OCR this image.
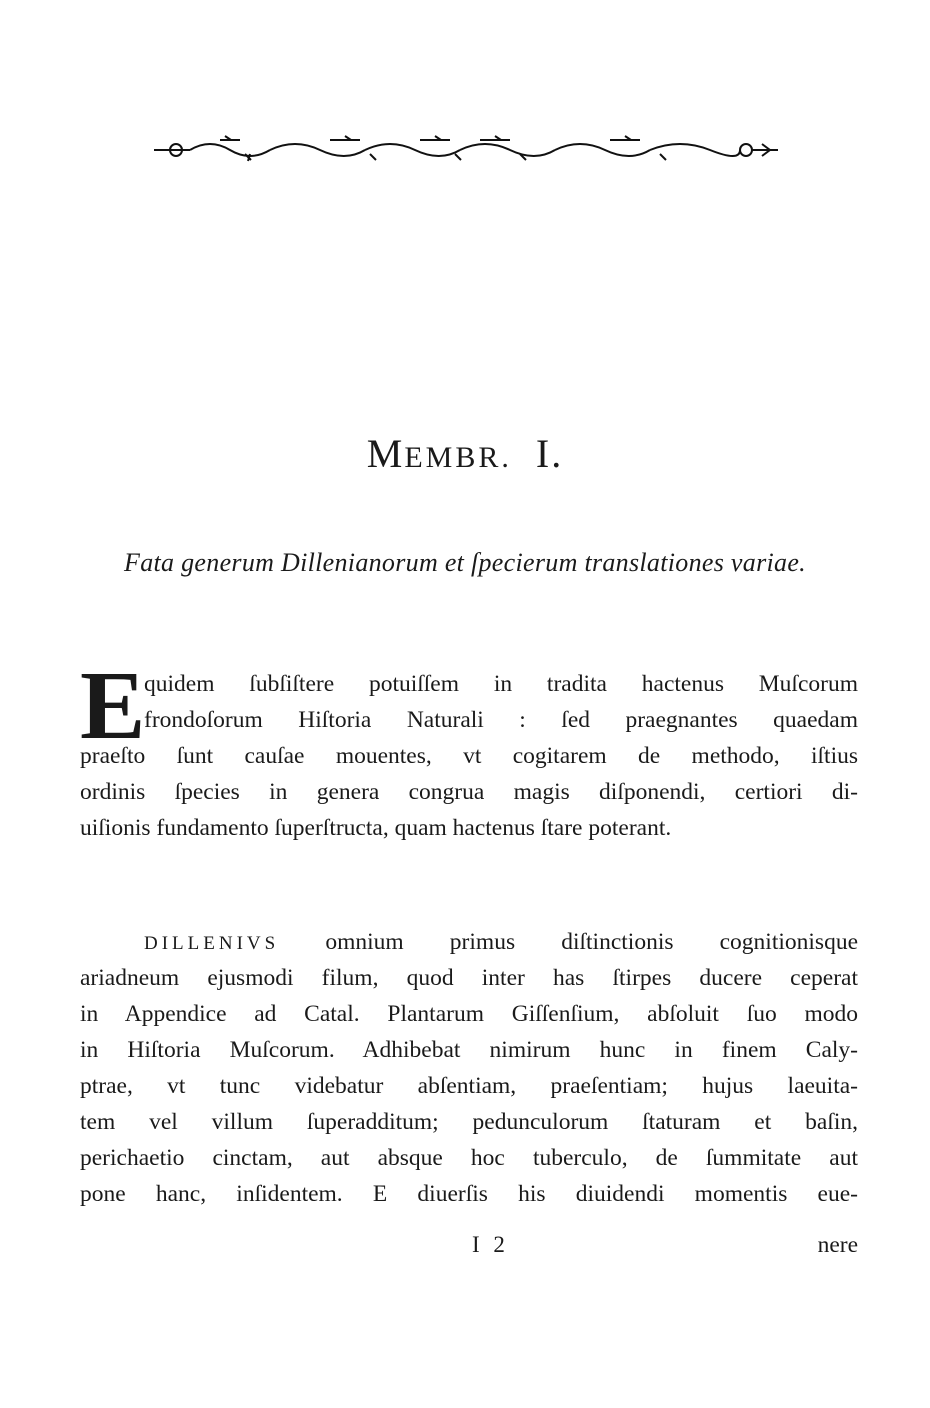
MEMBR. I.
Fata generum Dillenianorum et ſpecierum translationes variae.
E
quidem ſubſiſtere potuiſſem in tradita hactenus Muſcorum
frondoſorum Hiſtoria Naturali : ſed praegnantes quaedam
praeſto ſunt cauſae mouentes, vt cogitarem de methodo, iſtius
ordinis ſpecies in genera congrua magis diſponendi, certiori di-
uiſionis fundamento ſuperſtructa, quam hactenus ſtare poterant.
DILLENIVS omnium primus diſtinctionis cognitionisque
ariadneum ejusmodi filum, quod inter has ſtirpes ducere ceperat
in Appendice ad Catal. Plantarum Giſſenſium, abſoluit ſuo modo
in Hiſtoria Muſcorum. Adhibebat nimirum hunc in finem Caly-
ptrae, vt tunc videbatur abſentiam, praeſentiam; hujus laeuita-
tem vel villum ſuperadditum; pedunculorum ſtaturam et baſin,
perichaetio cinctam, aut absque hoc tuberculo, de ſummitate aut
pone hanc, inſidentem. E diuerſis his diuidendi momentis eue-
I 2	nere
